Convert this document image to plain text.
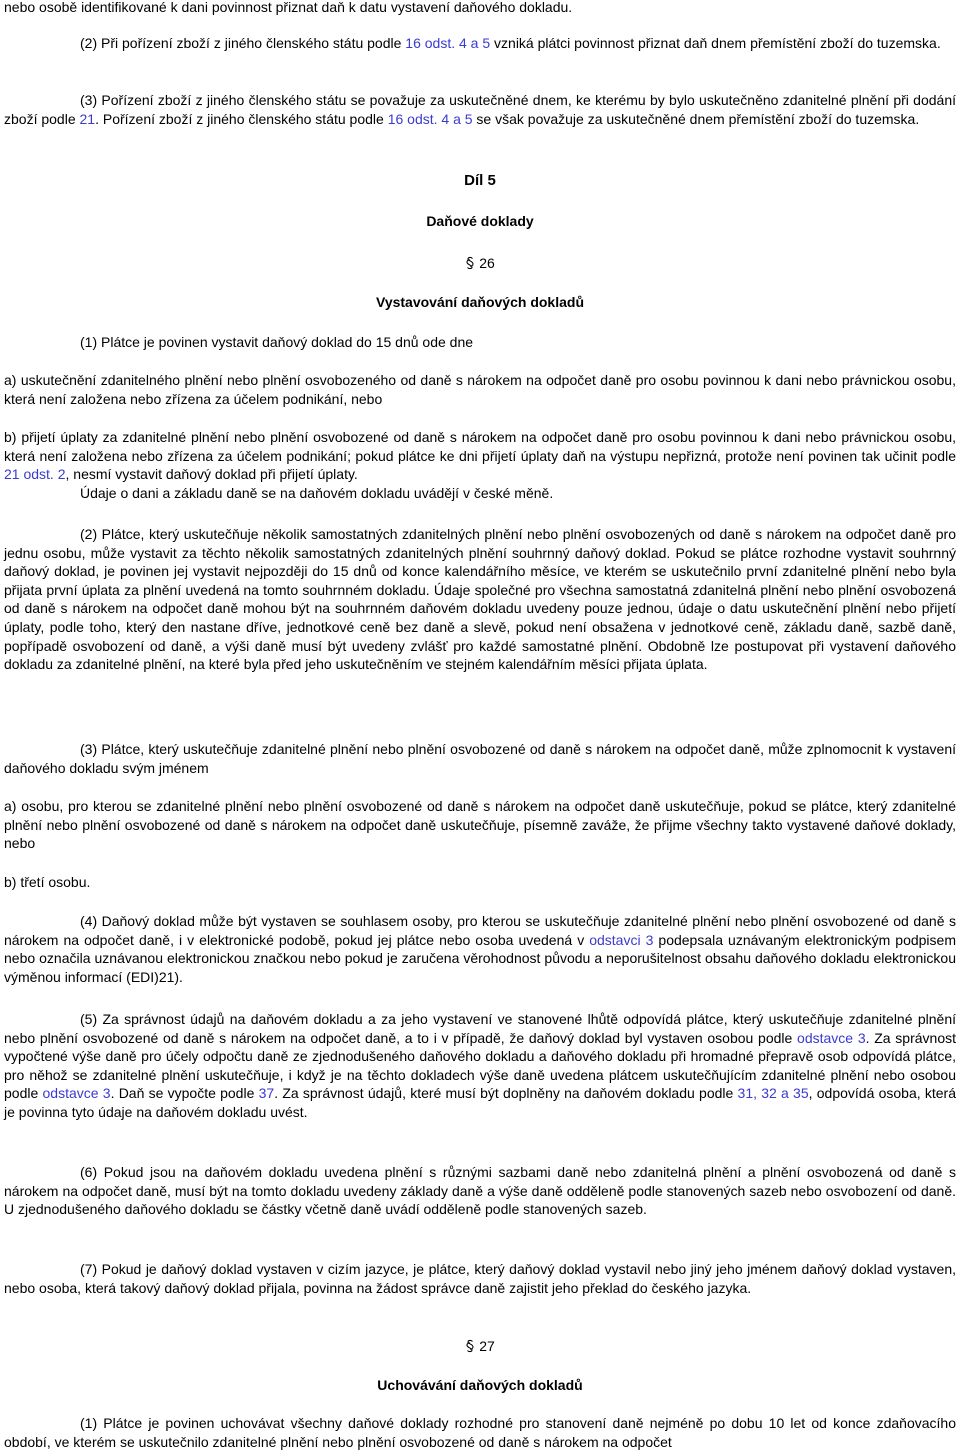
nebo osobě identifikované k dani povinnost přiznat daň k datu vystavení daňového dokladu.

(2) Při pořízení zboží z jiného členského státu podle 16 odst. 4 a 5 vzniká plátci povinnost přiznat daň dnem přemístění zboží do tuzemska.

(3) Pořízení zboží z jiného členského státu se považuje za uskutečněné dnem, ke kterému by bylo uskutečněno zdanitelné plnění při dodání zboží podle 21. Pořízení zboží z jiného členského státu podle 16 odst. 4 a 5 se však považuje za uskutečněné dnem přemístění zboží do tuzemska.

Díl 5

Daňové doklady

26

Vystavování daňových dokladů

(1) Plátce je povinen vystavit daňový doklad do 15 dnů ode dne

a) uskutečnění zdanitelného plnění nebo plnění osvobozeného od daně s nárokem na odpočet daně pro osobu povinnou k dani nebo právnickou osobu, která není založena nebo zřízena za účelem podnikání, nebo

b) přijetí úplaty za zdanitelné plnění nebo plnění osvobozené od daně s nárokem na odpočet daně pro osobu povinnou k dani nebo právnickou osobu, která není založena nebo zřízena za účelem podnikání; pokud plátce ke dni přijetí úplaty daň na výstupu nepřiznά, protože není povinen tak učinit podle 21 odst. 2, nesmí vystavit daňový doklad při přijetí úplaty.

Údaje o dani a základu daně se na daňovém dokladu uvádějí v české měně.

(2) Plátce, který uskutečňuje několik samostatných zdanitelných plnění nebo plnění osvobozených od daně s nárokem na odpočet daně pro jednu osobu, může vystavit za těchto několik samostatných zdanitelných plnění souhrnný daňový doklad. Pokud se plátce rozhodne vystavit souhrnný daňový doklad, je povinen jej vystavit nejpozději do 15 dnů od konce kalendářního měsíce, ve kterém se uskutečnilo první zdanitelné plnění nebo byla přijata první úplata za plnění uvedená na tomto souhrnném dokladu. Údaje společné pro všechna samostatná zdanitelná plnění nebo plnění osvobozená od daně s nárokem na odpočet daně mohou být na souhrnném daňovém dokladu uvedeny pouze jednou, údaje o datu uskutečnění plnění nebo přijetí úplaty, podle toho, který den nastane dříve, jednotkové ceně bez daně a slevě, pokud není obsažena v jednotkové ceně, základu daně, sazbě daně, popřípadě osvobození od daně, a výši daně musí být uvedeny zvlášť pro každé samostatné plnění. Obdobně lze postupovat při vystavení daňového dokladu za zdanitelné plnění, na které byla před jeho uskutečněním ve stejném kalendářním měsíci přijata úplata.

(3) Plátce, který uskutečňuje zdanitelné plnění nebo plnění osvobozené od daně s nárokem na odpočet daně, může zplnomocnit k vystavení daňového dokladu svým jménem

a) osobu, pro kterou se zdanitelné plnění nebo plnění osvobozené od daně s nárokem na odpočet daně uskutečňuje, pokud se plátce, který zdanitelné plnění nebo plnění osvobozené od daně s nárokem na odpočet daně uskutečňuje, písemně zaváže, že přijme všechny takto vystavené daňové doklady, nebo

b) třetí osobu.

(4) Daňový doklad může být vystaven se souhlasem osoby, pro kterou se uskutečňuje zdanitelné plnění nebo plnění osvobozené od daně s nárokem na odpočet daně, i v elektronické podobě, pokud jej plátce nebo osoba uvedená v odstavci 3 podepsala uznávaným elektronickým podpisem nebo označila uznávanou elektronickou značkou nebo pokud je zaručena věrohodnost původu a neporušitelnost obsahu daňového dokladu elektronickou výměnou informací (EDI)21).

(5) Za správnost údajů na daňovém dokladu a za jeho vystavení ve stanovené lhůtě odpovídá plátce, který uskutečňuje zdanitelné plnění nebo plnění osvobozené od daně s nárokem na odpočet daně, a to i v případě, že daňový doklad byl vystaven osobou podle odstavce 3. Za správnost vypočtené výše daně pro účely odpočtu daně ze zjednodušeného daňového dokladu a daňového dokladu při hromadné přepravě osob odpovídá plátce, pro něhož se zdanitelné plnění uskutečňuje, i když je na těchto dokladech výše daně uvedena plátcem uskutečňujícím zdanitelné plnění nebo osobou podle odstavce 3. Daň se vypočte podle 37. Za správnost údajů, které musí být doplněny na daňovém dokladu podle 31, 32 a 35, odpovídá osoba, která je povinna tyto údaje na daňovém dokladu uvést.

(6) Pokud jsou na daňovém dokladu uvedena plnění s různými sazbami daně nebo zdanitelná plnění a plnění osvobozená od daně s nárokem na odpočet daně, musí být na tomto dokladu uvedeny základy daně a výše daně odděleně podle stanovených sazeb nebo osvobození od daně. U zjednodušeného daňového dokladu se částky včetně daně uvádí odděleně podle stanovených sazeb.

(7) Pokud je daňový doklad vystaven v cizím jazyce, je plátce, který daňový doklad vystavil nebo jiný jeho jménem daňový doklad vystaven, nebo osoba, která takový daňový doklad přijala, povinna na žádost správce daně zajistit jeho překlad do českého jazyka.

27

Uchovávání daňových dokladů

(1) Plátce je povinen uchovávat všechny daňové doklady rozhodné pro stanovení daně nejméně po dobu 10 let od konce zdaňovacího období, ve kterém se uskutečnilo zdanitelné plnění nebo plnění osvobozené od daně s nárokem na odpočet
